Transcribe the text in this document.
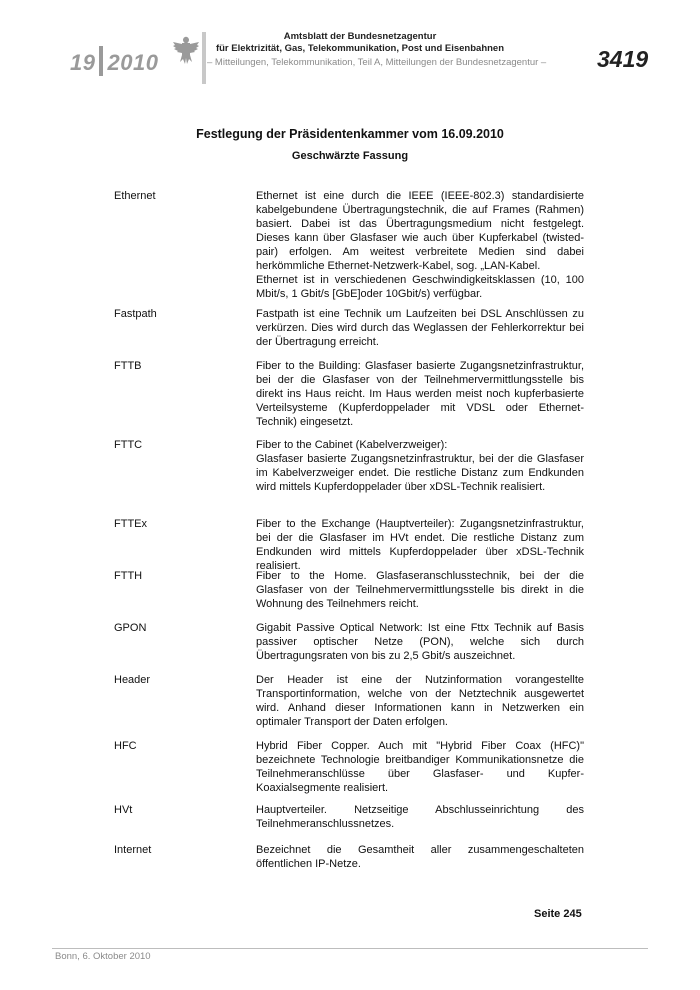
19 2010
Amtsblatt der Bundesnetzagentur
für Elektrizität, Gas, Telekommunikation, Post und Eisenbahnen
– Mitteilungen, Telekommunikation, Teil A, Mitteilungen der Bundesnetzagentur – 3419
Festlegung der Präsidentenkammer vom 16.09.2010
Geschwärzte Fassung
Ethernet	Ethernet ist eine durch die IEEE (IEEE-802.3) standardisierte kabelgebundene Übertragungstechnik, die auf Frames (Rahmen) basiert. Dabei ist das Übertragungsmedium nicht festgelegt. Dieses kann über Glasfaser wie auch über Kupferkabel (twisted-pair) erfolgen. Am weitest verbreitete Medien sind dabei herkömmliche Ethernet-Netzwerk-Kabel, sog. „LAN-Kabel.
Ethernet ist in verschiedenen Geschwindigkeitsklassen (10, 100 Mbit/s, 1 Gbit/s [GbE]oder 10Gbit/s) verfügbar.
Fastpath	Fastpath ist eine Technik um Laufzeiten bei DSL Anschlüssen zu verkürzen. Dies wird durch das Weglassen der Fehlerkorrektur bei der Übertragung erreicht.
FTTB	Fiber to the Building: Glasfaser basierte Zugangsnetzinfrastruktur, bei der die Glasfaser von der Teilnehmervermittlungsstelle bis direkt ins Haus reicht. Im Haus werden meist noch kupferbasierte Verteilsysteme (Kupferdoppelader mit VDSL oder Ethernet-Technik) eingesetzt.
FTTC	Fiber to the Cabinet (Kabelverzweiger):
Glasfaser basierte Zugangsnetzinfrastruktur, bei der die Glasfaser im Kabelverzweiger endet. Die restliche Distanz zum Endkunden wird mittels Kupferdoppelader über xDSL-Technik realisiert.
FTTEx	Fiber to the Exchange (Hauptverteiler): Zugangsnetzinfrastruktur, bei der die Glasfaser im HVt endet. Die restliche Distanz zum Endkunden wird mittels Kupferdoppelader über xDSL-Technik realisiert.
FTTH	Fiber to the Home. Glasfaseranschlusstechnik, bei der die Glasfaser von der Teilnehmervermittlungsstelle bis direkt in die Wohnung des Teilnehmers reicht.
GPON	Gigabit Passive Optical Network: Ist eine Fttx Technik auf Basis passiver optischer Netze (PON), welche sich durch Übertragungsraten von bis zu 2,5 Gbit/s auszeichnet.
Header	Der Header ist eine der Nutzinformation vorangestellte Transportinformation, welche von der Netztechnik ausgewertet wird. Anhand dieser Informationen kann in Netzwerken ein optimaler Transport der Daten erfolgen.
HFC	Hybrid Fiber Copper. Auch mit "Hybrid Fiber Coax (HFC)" bezeichnete Technologie breitbandiger Kommunikationsnetze die Teilnehmeranschlüsse über Glasfaser- und Kupfer-Koaxialsegmente realisiert.
HVt	Hauptverteiler. Netzseitige Abschlusseinrichtung des Teilnehmeranschlussnetzes.
Internet	Bezeichnet die Gesamtheit aller zusammengeschalteten öffentlichen IP-Netze.
Seite 245
Bonn, 6. Oktober 2010
